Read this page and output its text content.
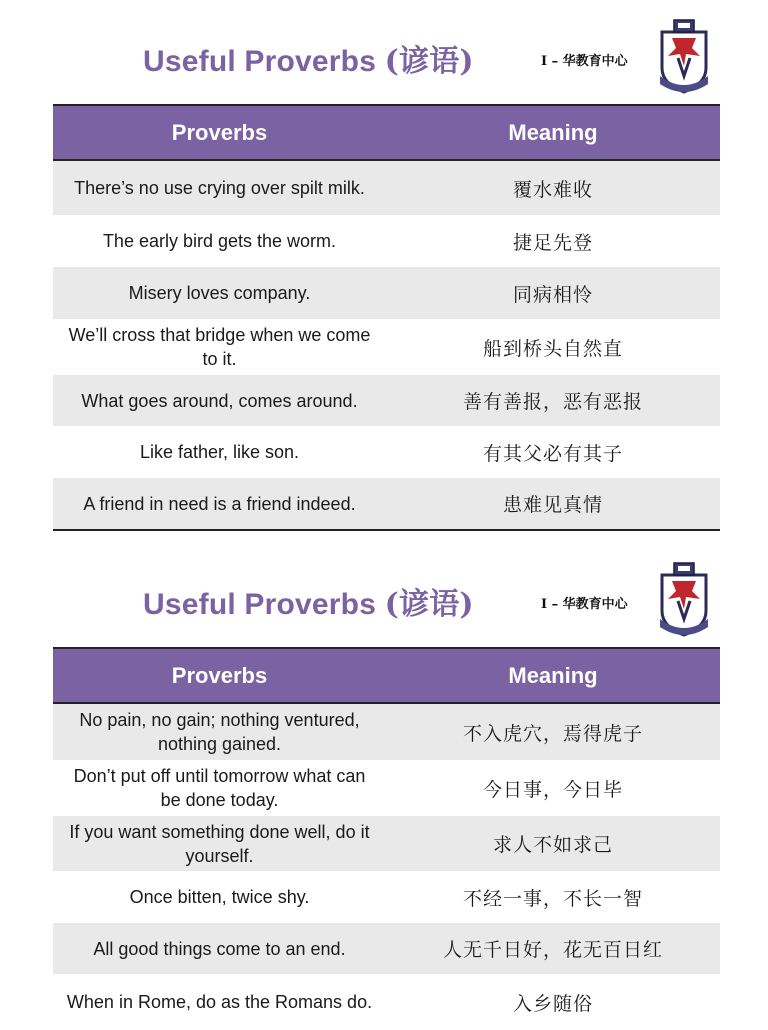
Useful Proverbs (谚语)	I – 华教育中心
Proverbs	Meaning
There’s no use crying over spilt milk.	覆水难收
The early bird gets the worm.	捷足先登
Misery loves company.	同病相怜
We’ll cross that bridge when we come to it.	船到桥头自然直
What goes around, comes around.	善有善报，恶有恶报
Like father, like son.	有其父必有其子
A friend in need is a friend indeed.	患难见真情
Useful Proverbs (谚语)	I – 华教育中心
Proverbs	Meaning
No pain, no gain; nothing ventured, nothing gained.	不入虎穴，焉得虎子
Don’t put off until tomorrow what can be done today.	今日事，今日毕
If you want something done well, do it yourself.	求人不如求己
Once bitten, twice shy.	不经一事，不长一智
All good things come to an end.	人无千日好，花无百日红
When in Rome, do as the Romans do.	入乡随俗
